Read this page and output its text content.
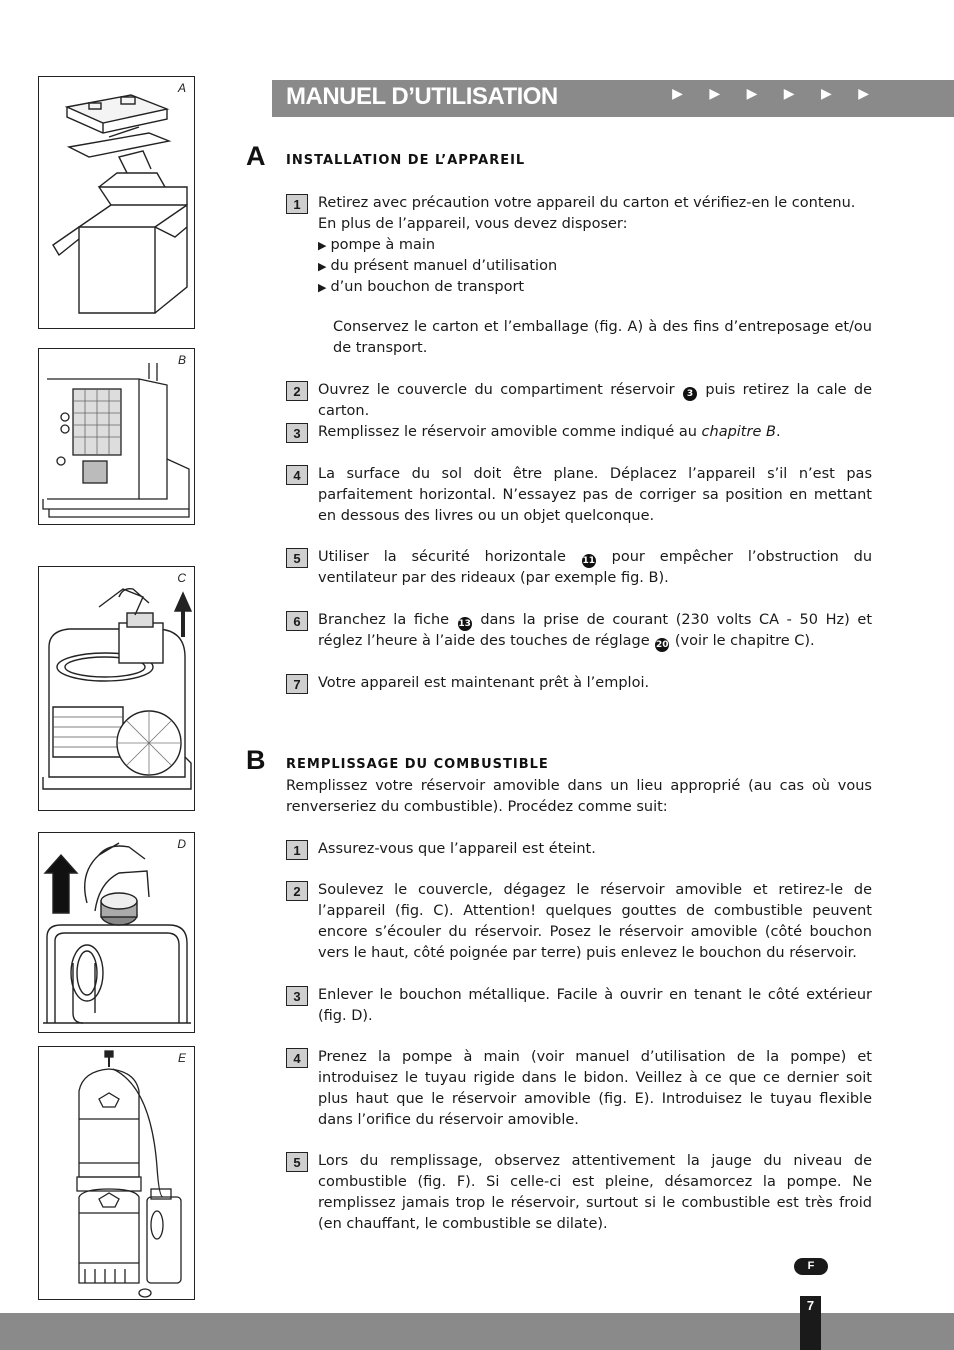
MANUEL D’UTILISATION	▶ ▶ ▶ ▶ ▶ ▶
A
B
C
D
E
A INSTALLATION DE L’APPAREIL
1	Retirez avec précaution votre appareil du carton et vérifiez-en le contenu.

En plus de l’appareil, vous devez disposer:

▶ pompe à main

▶ du présent manuel d’utilisation

▶ d’un bouchon de transport

Conservez le carton et l’emballage (fig. A) à des fins d’entreposage et/ou de transport.

2	Ouvrez le couvercle du compartiment réservoir 3 puis retirez la cale de carton.
3	Remplissez le réservoir amovible comme indiqué au chapitre B.
4	La surface du sol doit être plane. Déplacez l’appareil s’il n’est pas parfaitement horizontal. N’essayez pas de corriger sa position en mettant en dessous des livres ou un objet quelconque.
5	Utiliser la sécurité horizontale 11 pour empêcher l’obstruction du ventilateur par des rideaux (par exemple fig. B).
6	Branchez la fiche 13 dans la prise de courant (230 volts CA - 50 Hz) et réglez l’heure à l’aide des touches de réglage 20 (voir le chapitre C).
7	Votre appareil est maintenant prêt à l’emploi.
B REMPLISSAGE DU COMBUSTIBLE
Remplissez votre réservoir amovible dans un lieu approprié (au cas où vous renverseriez du combustible). Procédez comme suit:
1	Assurez-vous que l’appareil est éteint.
2	Soulevez le couvercle, dégagez le réservoir amovible et retirez-le de l’appareil (fig. C). Attention! quelques gouttes de combustible peuvent encore s’écouler du réservoir. Posez le réservoir amovible (côté bouchon vers le haut, côté poignée par terre) puis enlevez le bouchon du réservoir.
3	Enlever le bouchon métallique. Facile à ouvrir en tenant le côté extérieur (fig. D).
4	Prenez la pompe à main (voir manuel d’utilisation de la pompe) et introduisez le tuyau rigide dans le bidon. Veillez à ce que ce dernier soit plus haut que le réservoir amovible (fig. E). Introduisez le tuyau flexible dans l’orifice du réservoir amovible.
5	Lors du remplissage, observez attentivement la jauge du niveau de combustible (fig. F). Si celle-ci est pleine, désamorcez la pompe. Ne remplissez jamais trop le réservoir, surtout si le combustible est très froid (en chauffant, le combustible se dilate).
F
7
